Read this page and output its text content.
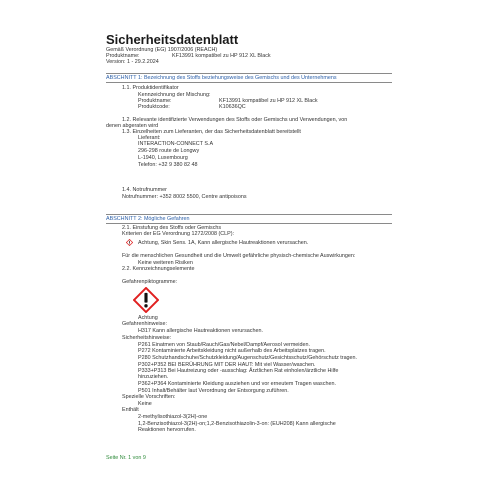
Sicherheitsdatenblatt
Gemäß Verordnung (EG) 1907/2006 (REACH)
Produktname:	KF13991 kompatibel zu HP 912 XL Black
Version: 1 - 29.2.2024
ABSCHNITT 1: Bezeichnung des Stoffs beziehungsweise des Gemischs und des Unternehmens
1.1. Produktidentifikator
Kennzeichnung der Mischung:
Produktname:	KF13991 kompatibel zu HP 912 XL Black
Produktcode:	K10636QC
1.2. Relevante identifizierte Verwendungen des Stoffs oder Gemischs und Verwendungen, von
denen abgeraten wird
1.3. Einzelheiten zum Lieferanten, der das Sicherheitsdatenblatt bereitstellt
Lieferant:
INTERACTION-CONNECT S.A
296-298 route de Longwy
L-1940, Luxembourg
Telefon: +32 9 380 82 48
1.4. Notrufnummer
Notrufnummer: +352 8002 5500, Centre antipoisons
ABSCHNITT 2: Mögliche Gefahren
2.1. Einstufung des Stoffs oder Gemischs
Kriterien der EG Verordnung 1272/2008 (CLP):
Achtung, Skin Sens. 1A, Kann allergische Hautreaktionen verursachen.
Für die menschlichen Gesundheit und die Umwelt gefährliche physisch-chemische Auswirkungen:
Keine weiteren Risiken
2.2. Kennzeichnungselemente
Gefahrenpiktogramme:
Achtung
Gefahrenhinweise:
H317 Kann allergische Hautreaktionen verursachen.
Sicherheitshinweise:
P261 Einatmen von Staub/Rauch/Gas/Nebel/Dampf/Aerosol vermeiden.
P272 Kontaminierte Arbeitskleidung nicht außerhalb des Arbeitsplatzes tragen.
P280 Schutzhandschuhe/Schutzkleidung/Augenschutz/Gesichtsschutz/Gehörschutz tragen.
P302+P352 BEI BERÜHRUNG MIT DER HAUT: Mit viel Wasser/waschen.
P333+P313 Bei Hautreizung oder -ausschlag: Ärztlichen Rat einholen/ärztliche Hilfe
hinzuziehen.
P362+P364 Kontaminierte Kleidung ausziehen und vor erneutem Tragen waschen.
P501 Inhalt/Behälter laut Verordnung der Entsorgung zuführen.
Spezielle Vorschriften:
Keine
Enthält
2-methylisothiazol-3(2H)-one
1,2-Benzisothiazol-3(2H)-on;1,2-Benzisothiazolin-3-on: (EUH208) Kann allergische
Reaktionen hervorrufen.
Seite Nr. 1 von 9
